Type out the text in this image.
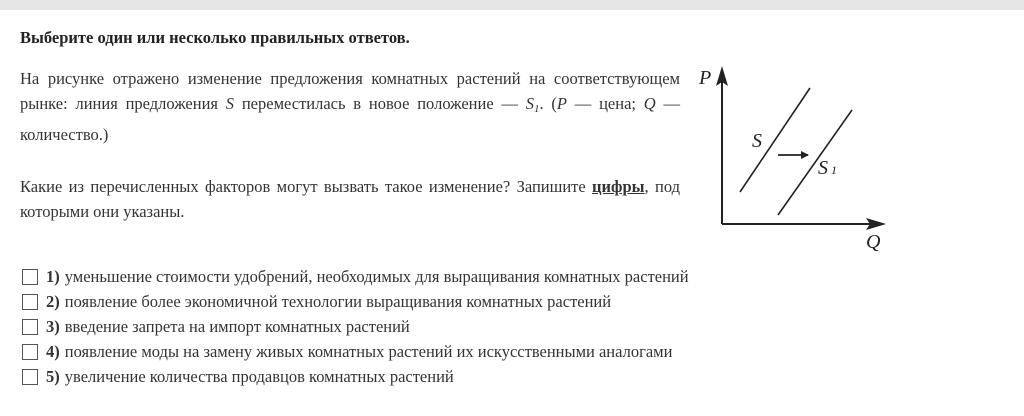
Выберите один или несколько правильных ответов.

На рисунке отражено изменение предложения комнатных растений на соответствующем рынке: линия предложения S переместилась в новое положение –– $S_1$. (P –– цена; Q –– количество.)

Какие из перечисленных факторов могут вызвать такое изменение? Запишите цифры, под которыми они указаны.

P
Q
S
S 1
1) уменьшение стоимости удобрений, необходимых для выращивания комнатных растений
2) появление более экономичной технологии выращивания комнатных растений
3) введение запрета на импорт комнатных растений
4) появление моды на замену живых комнатных растений их искусственными аналогами
5) увеличение количества продавцов комнатных растений
